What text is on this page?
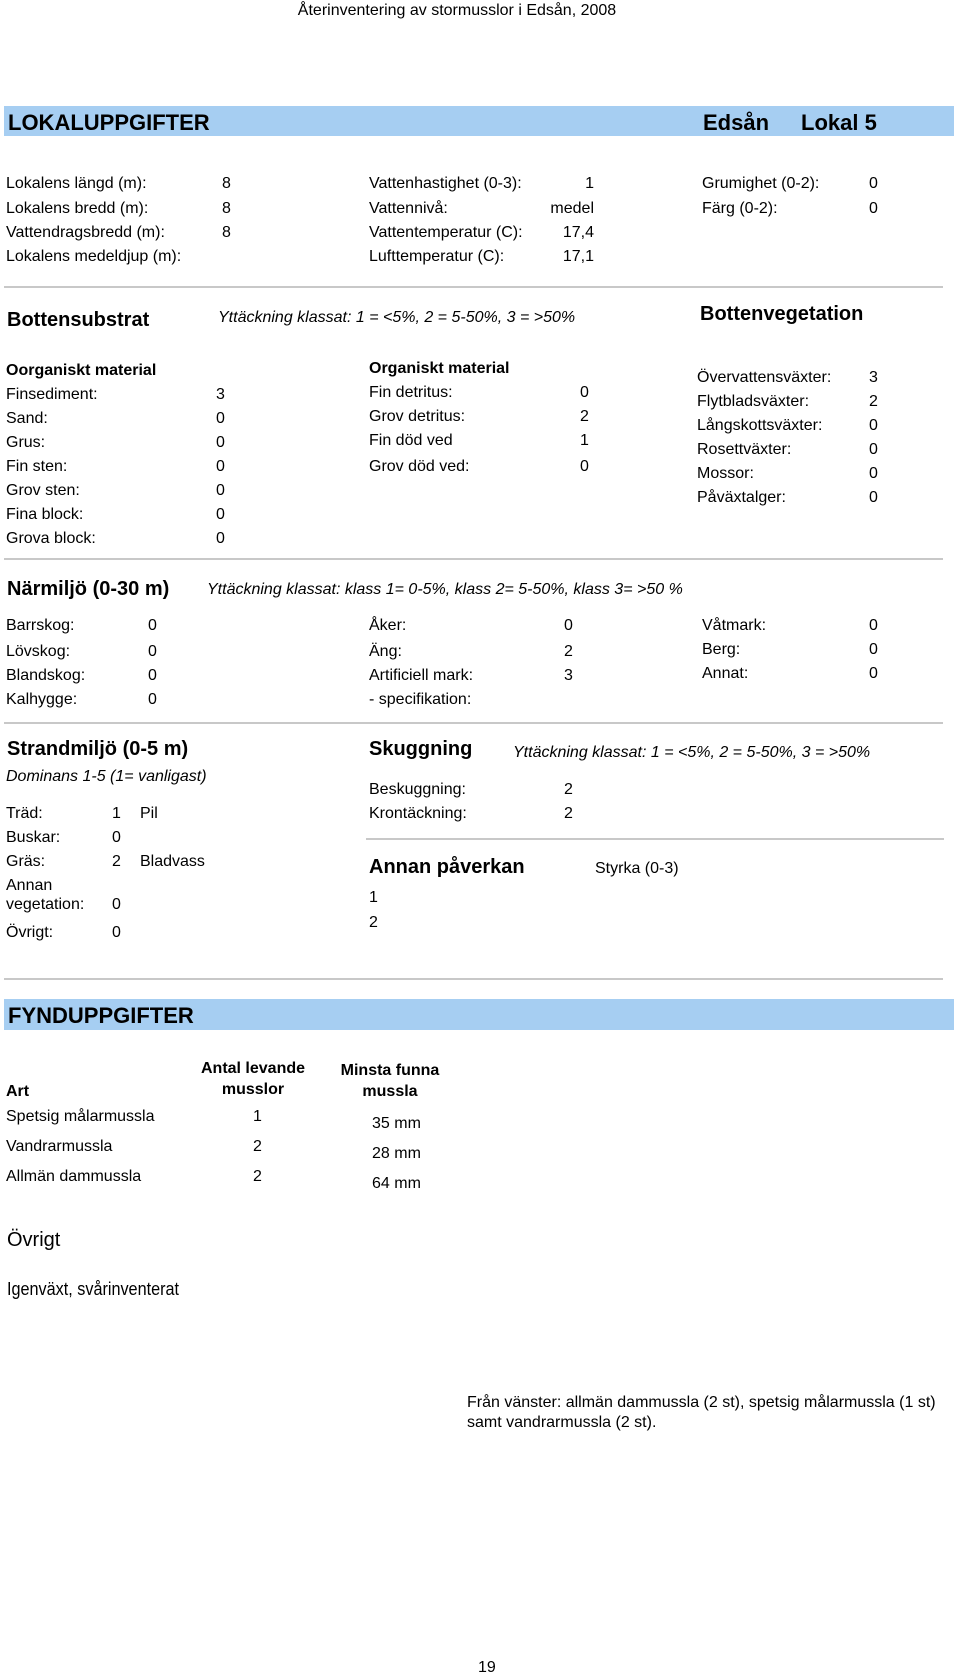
Återinventering av stormusslor i Edsån, 2008
LOKALUPPGIFTER	Edsån Lokal 5
Lokalens längd (m):	8
Lokalens bredd (m):	8
Vattendragsbredd (m):	8
Lokalens medeldjup (m):
Vattenhastighet (0-3):	1
Vattennivå:	medel
Vattentemperatur (C):	17,4
Lufttemperatur (C):	17,1
Grumighet (0-2):	0
Färg (0-2):	0
Bottensubstrat	Yttäckning klassat: 1 = <5%, 2 = 5-50%, 3 = >50%	Bottenvegetation
Oorganiskt material
Finsediment:	3
Sand:	0
Grus:	0
Fin sten:	0
Grov sten:	0
Fina block:	0
Grova block:	0
Organiskt material
Fin detritus:	0
Grov detritus:	2
Fin död ved	1
Grov död ved:	0
Övervattensväxter: 3
Flytbladsväxter:	2
Långskottsväxter:	0
Rosettväxter:	0
Mossor:	0
Påväxtalger:	0
Närmiljö (0-30 m) Yttäckning klassat: klass 1= 0-5%, klass 2= 5-50%, klass 3= >50 %
Barrskog:	0
Lövskog:	0
Blandskog:	0
Kalhygge:	0
Åker:	0
Äng:	2
Artificiell mark:	3
- specifikation:
Våtmark:	0
Berg:	0
Annat:	0
Strandmiljö (0-5 m)
Dominans 1-5 (1= vanligast)
Träd:	1 Pil
Buskar:	0
Gräs:	2 Bladvass
Annan
vegetation: 0
Övrigt:	0
Skuggning	Yttäckning klassat: 1 = <5%, 2 = 5-50%, 3 = >50%
Beskuggning:	2
Krontäckning:	2
Annan påverkan	Styrka (0-3)
1
2
FYNDUPPGIFTER
Antal levande
musslor
Minsta funna
mussla
Art
Spetsig målarmussla	1	35 mm
Vandrarmussla	2	28 mm
Allmän dammussla	2	64 mm
Övrigt
Igenväxt, svårinventerat
Från vänster: allmän dammussla (2 st), spetsig målarmussla (1 st) samt vandrarmussla (2 st).
19
